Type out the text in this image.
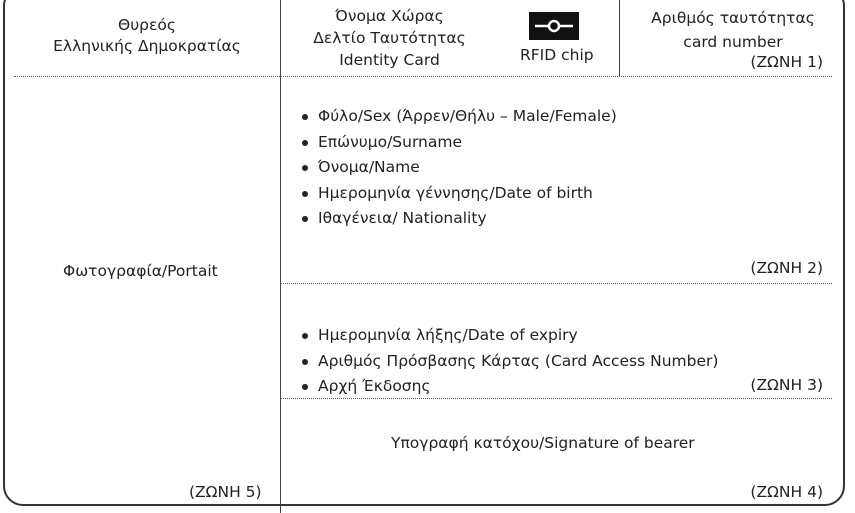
Θυρεός
Ελληνικής Δημοκρατίας
Όνομα Χώρας
Δελτίο Ταυτότητας
Identity Card	RFID chip
Αριθμός ταυτότητας
card number
(ΖΩΝΗ 1)
Φωτογραφία/Portait
(ΖΩΝΗ 5)
Φύλο/Sex (Άρρεν/Θήλυ – Male/Female)
Επώνυμο/Surname
Όνομα/Name
Ημερομηνία γέννησης/Date of birth
Ιθαγένεια/ Nationality
(ΖΩΝΗ 2)
Ημερομηνία λήξης/Date of expiry
Αριθμός Πρόσβασης Κάρτας (Card Access Number)
Αρχή Έκδοσης	(ΖΩΝΗ 3)
Υπογραφή κατόχου/Signature of bearer
(ΖΩΝΗ 4)
